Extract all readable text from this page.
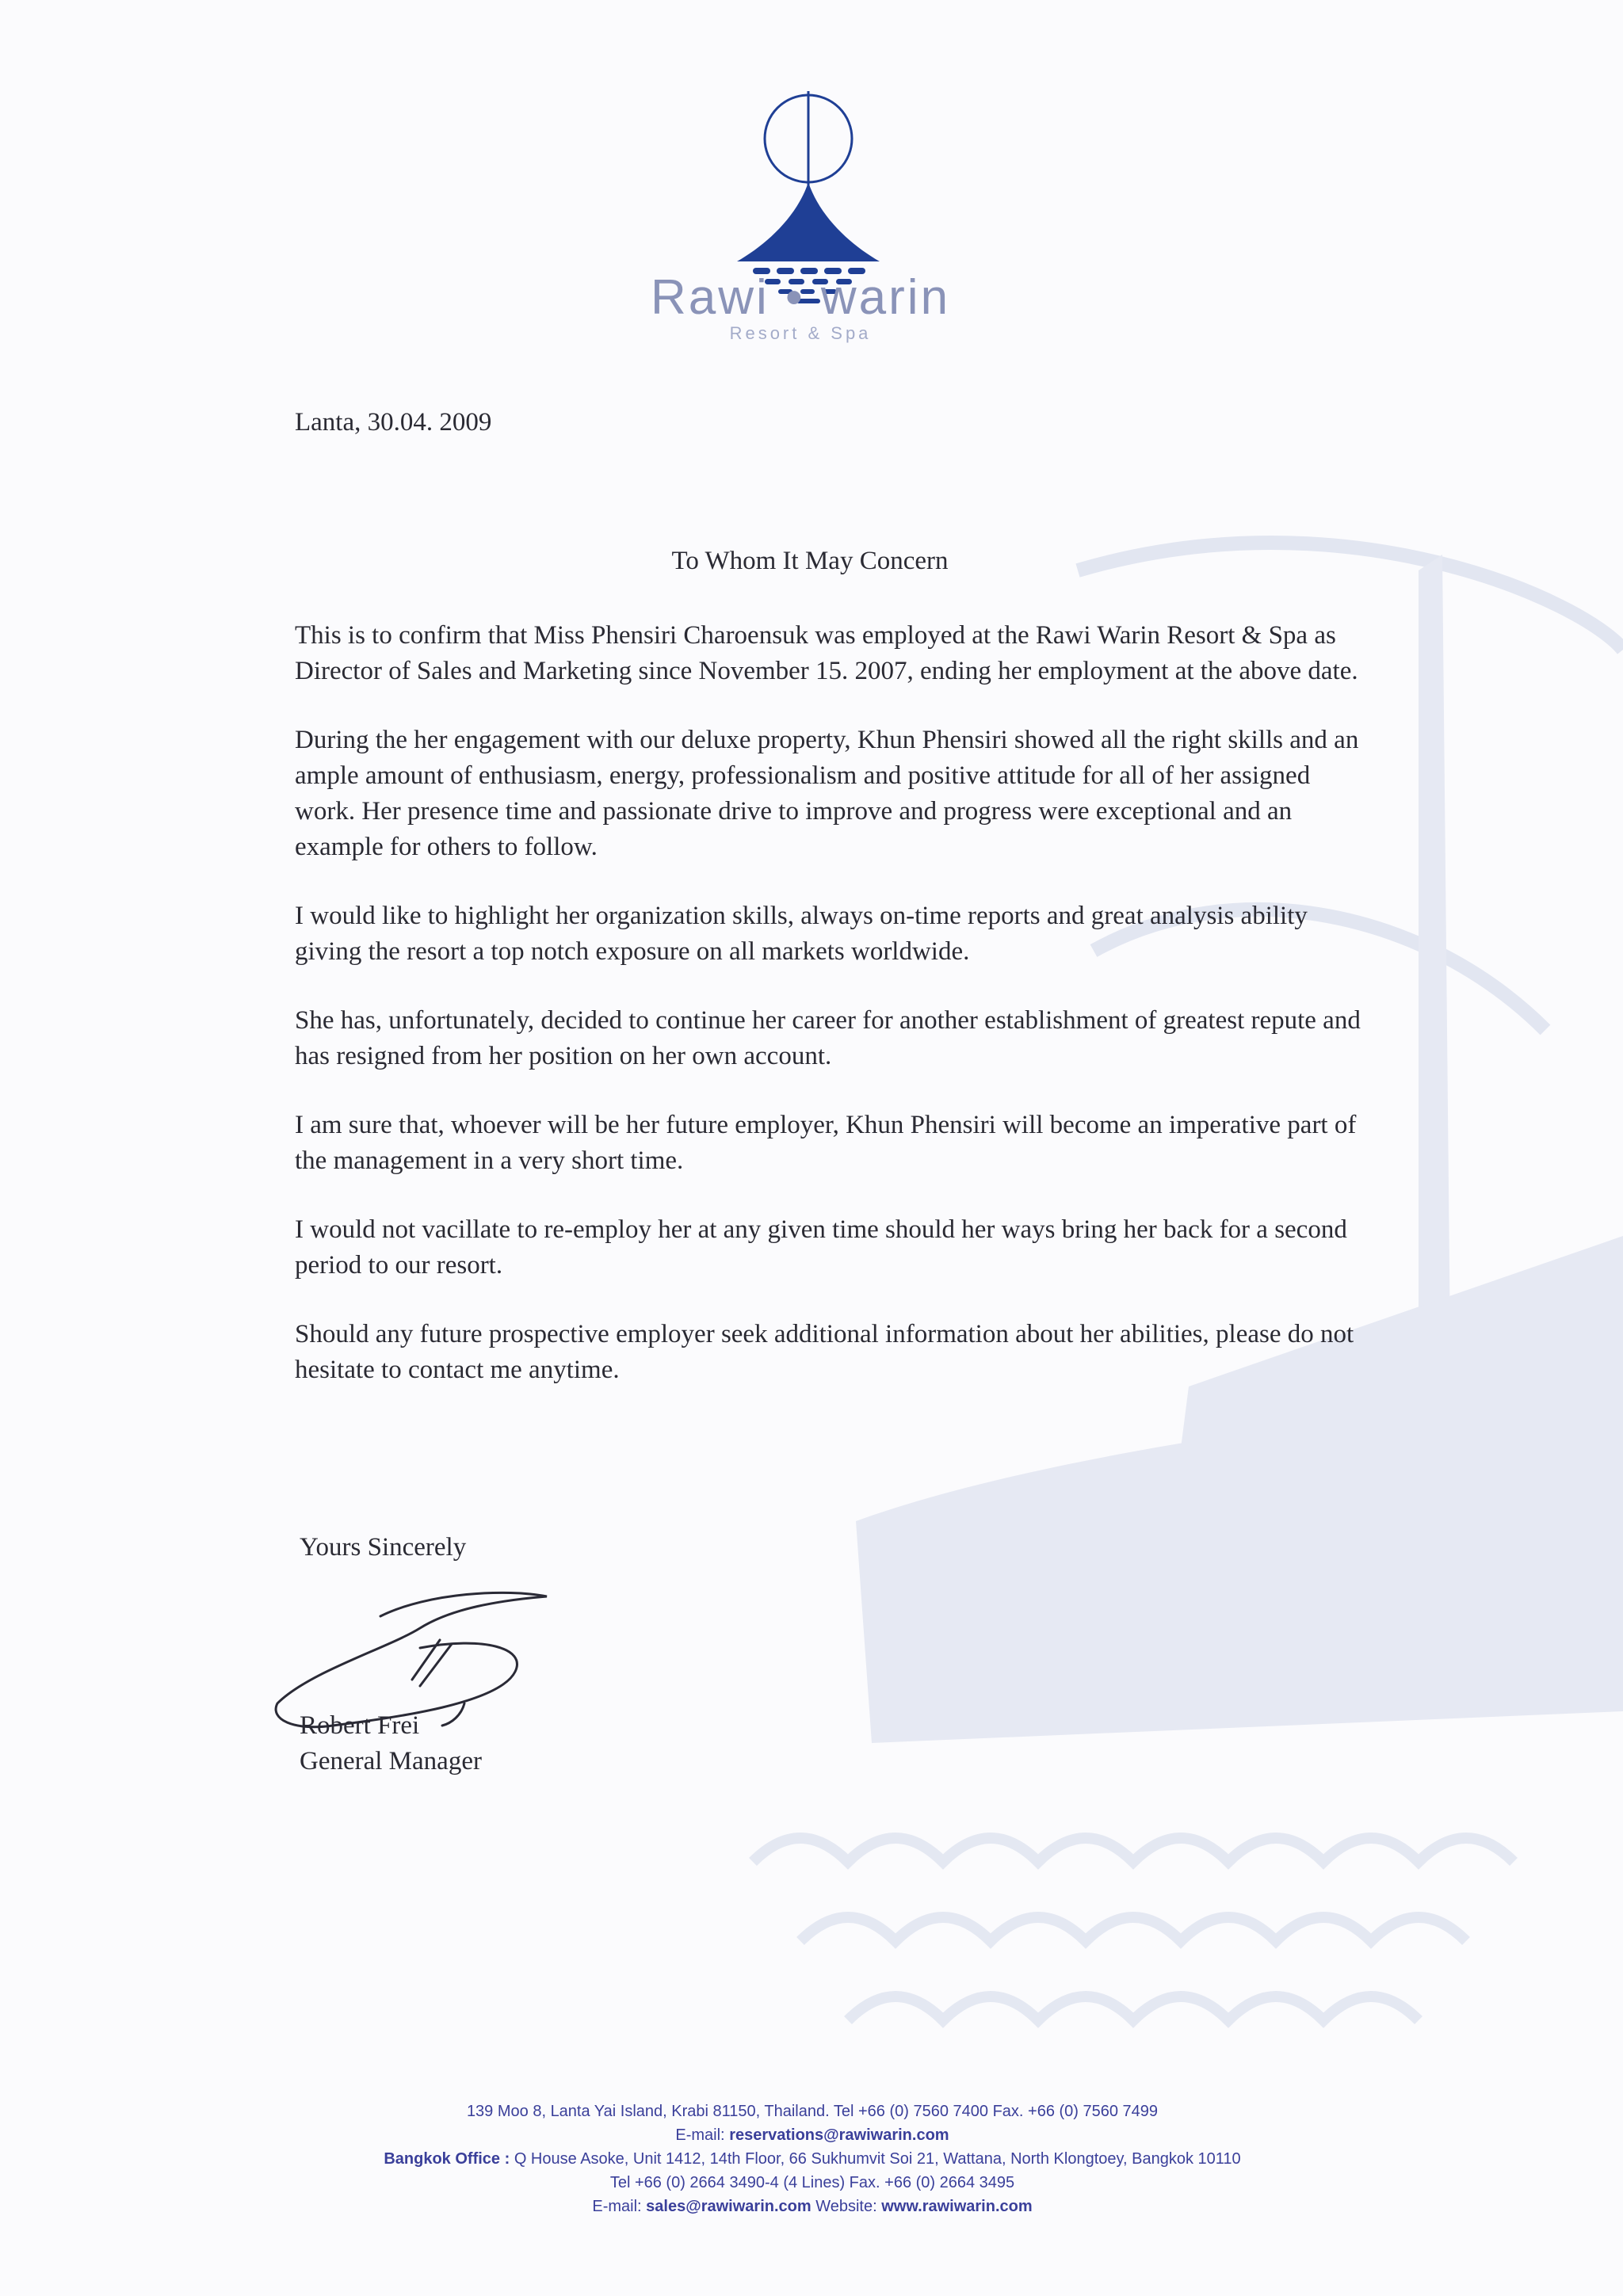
Rawi • warin
Resort & Spa
Lanta, 30.04. 2009
To Whom It May Concern

This is to confirm that Miss Phensiri Charoensuk was employed at the Rawi Warin Resort & Spa as Director of Sales and Marketing since November 15. 2007, ending her employment at the above date.

During the her engagement with our deluxe property, Khun Phensiri showed all the right skills and an ample amount of enthusiasm, energy, professionalism and positive attitude for all of her assigned work. Her presence time and passionate drive to improve and progress were exceptional and an example for others to follow.

I would like to highlight her organization skills, always on-time reports and great analysis ability giving the resort a top notch exposure on all markets worldwide.

She has, unfortunately, decided to continue her career for another establishment of greatest repute and has resigned from her position on her own account.

I am sure that, whoever will be her future employer, Khun Phensiri will become an imperative part of the management in a very short time.

I would not vacillate to re-employ her at any given time should her ways bring her back for a second period to our resort.

Should any future prospective employer seek additional information about her abilities, please do not hesitate to contact me anytime.

Yours Sincerely
Robert Frei
General Manager
139 Moo 8, Lanta Yai Island, Krabi 81150, Thailand. Tel +66 (0) 7560 7400 Fax. +66 (0) 7560 7499
E-mail: reservations@rawiwarin.com
Bangkok Office : Q House Asoke, Unit 1412, 14th Floor, 66 Sukhumvit Soi 21, Wattana, North Klongtoey, Bangkok 10110
Tel +66 (0) 2664 3490-4 (4 Lines) Fax. +66 (0) 2664 3495
E-mail: sales@rawiwarin.com Website: www.rawiwarin.com
